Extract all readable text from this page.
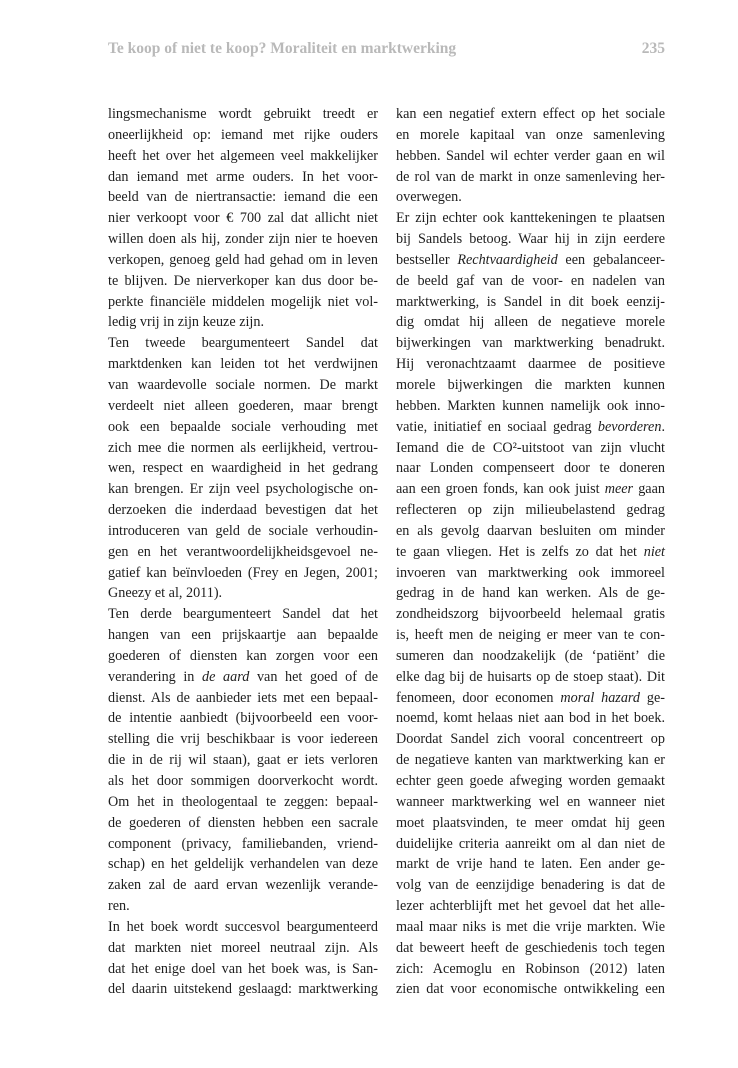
Te koop of niet te koop? Moraliteit en marktwerking	235
lingsmechanisme wordt gebruikt treedt er
oneerlijkheid op: iemand met rijke ouders
heeft het over het algemeen veel makkelijker
dan iemand met arme ouders. In het voor-
beeld van de niertransactie: iemand die een
nier verkoopt voor € 700 zal dat allicht niet
willen doen als hij, zonder zijn nier te hoeven
verkopen, genoeg geld had gehad om in leven
te blijven. De nierverkoper kan dus door be-
perkte financiële middelen mogelijk niet vol-
ledig vrij in zijn keuze zijn.
Ten tweede beargumenteert Sandel dat
marktdenken kan leiden tot het verdwijnen
van waardevolle sociale normen. De markt
verdeelt niet alleen goederen, maar brengt
ook een bepaalde sociale verhouding met
zich mee die normen als eerlijkheid, vertrou-
wen, respect en waardigheid in het gedrang
kan brengen. Er zijn veel psychologische on-
derzoeken die inderdaad bevestigen dat het
introduceren van geld de sociale verhoudin-
gen en het verantwoordelijkheidsgevoel ne-
gatief kan beïnvloeden (Frey en Jegen, 2001;
Gneezy et al, 2011).
Ten derde beargumenteert Sandel dat het
hangen van een prijskaartje aan bepaalde
goederen of diensten kan zorgen voor een
verandering in de aard van het goed of de
dienst. Als de aanbieder iets met een bepaal-
de intentie aanbiedt (bijvoorbeeld een voor-
stelling die vrij beschikbaar is voor iedereen
die in de rij wil staan), gaat er iets verloren
als het door sommigen doorverkocht wordt.
Om het in theologentaal te zeggen: bepaal-
de goederen of diensten hebben een sacrale
component (privacy, familiebanden, vriend-
schap) en het geldelijk verhandelen van deze
zaken zal de aard ervan wezenlijk verande-
ren.
In het boek wordt succesvol beargumenteerd
dat markten niet moreel neutraal zijn. Als
dat het enige doel van het boek was, is San-
del daarin uitstekend geslaagd: marktwerking
kan een negatief extern effect op het sociale
en morele kapitaal van onze samenleving
hebben. Sandel wil echter verder gaan en wil
de rol van de markt in onze samenleving her-
overwegen.
Er zijn echter ook kanttekeningen te plaatsen
bij Sandels betoog. Waar hij in zijn eerdere
bestseller Rechtvaardigheid een gebalanceer-
de beeld gaf van de voor- en nadelen van
marktwerking, is Sandel in dit boek eenzij-
dig omdat hij alleen de negatieve morele
bijwerkingen van marktwerking benadrukt.
Hij veronachtzaamt daarmee de positieve
morele bijwerkingen die markten kunnen
hebben. Markten kunnen namelijk ook inno-
vatie, initiatief en sociaal gedrag bevorderen.
Iemand die de CO²-uitstoot van zijn vlucht
naar Londen compenseert door te doneren
aan een groen fonds, kan ook juist meer gaan
reflecteren op zijn milieubelastend gedrag
en als gevolg daarvan besluiten om minder
te gaan vliegen. Het is zelfs zo dat het niet
invoeren van marktwerking ook immoreel
gedrag in de hand kan werken. Als de ge-
zondheidszorg bijvoorbeeld helemaal gratis
is, heeft men de neiging er meer van te con-
sumeren dan noodzakelijk (de ‘patiënt’ die
elke dag bij de huisarts op de stoep staat). Dit
fenomeen, door economen moral hazard ge-
noemd, komt helaas niet aan bod in het boek.
Doordat Sandel zich vooral concentreert op
de negatieve kanten van marktwerking kan er
echter geen goede afweging worden gemaakt
wanneer marktwerking wel en wanneer niet
moet plaatsvinden, te meer omdat hij geen
duidelijke criteria aanreikt om al dan niet de
markt de vrije hand te laten. Een ander ge-
volg van de eenzijdige benadering is dat de
lezer achterblijft met het gevoel dat het alle-
maal maar niks is met die vrije markten. Wie
dat beweert heeft de geschiedenis toch tegen
zich: Acemoglu en Robinson (2012) laten
zien dat voor economische ontwikkeling een
